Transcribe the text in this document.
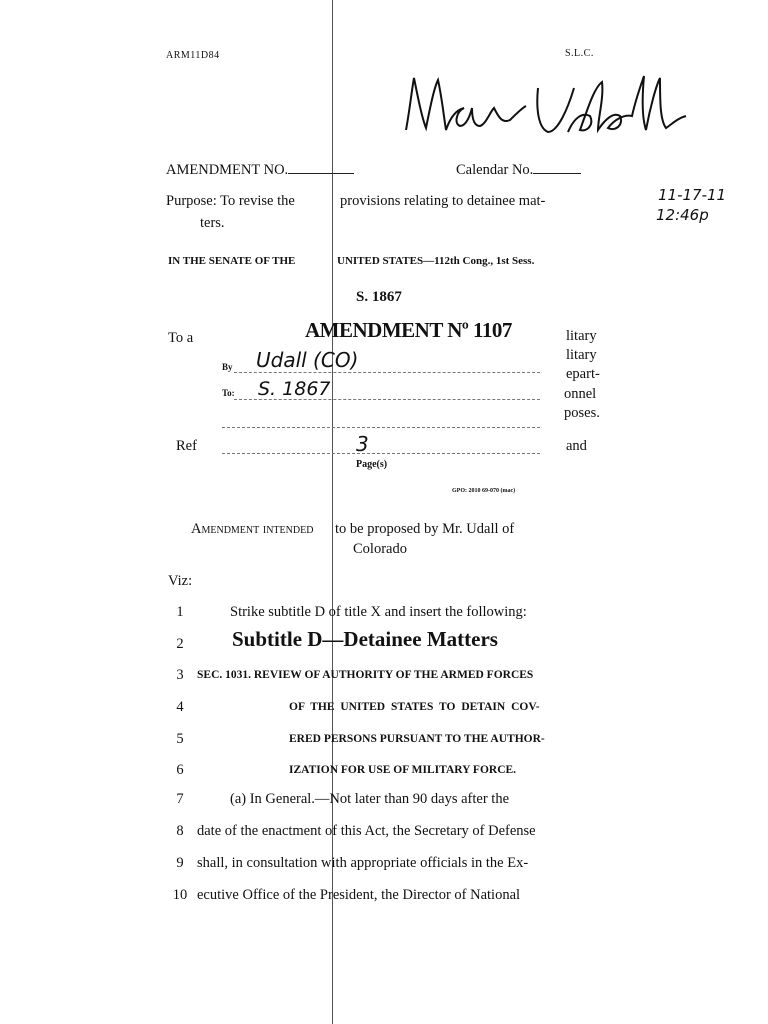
ARM11D84	S.L.C.
11-17-11
12:46p
AMENDMENT NO.	Calendar No.
Purpose: To revise the	provisions relating to detainee mat-
ters.
IN THE SENATE OF THE	UNITED STATES—112th Cong., 1st Sess.
S. 1867
To a
Ref
litary
litary
epart-
onnel
poses.
and
AMENDMENT Nº 1107
By Udall (CO)
To: S. 1867
3
Page(s)
GPO: 2010 69-070 (mac)
Amendment intended to be proposed by Mr. Udall of
Colorado
Viz:
1	Strike subtitle D of title X and insert the following:
2	Subtitle D—Detainee Matters
3	SEC. 1031. REVIEW OF AUTHORITY OF THE ARMED FORCES
4	OF THE UNITED STATES TO DETAIN COV-
5	ERED PERSONS PURSUANT TO THE AUTHOR-
6	IZATION FOR USE OF MILITARY FORCE.
7	(a) In General.—Not later than 90 days after the
8 date of the enactment of this Act, the Secretary of Defense
9 shall, in consultation with appropriate officials in the Ex-
10 ecutive Office of the President, the Director of National
